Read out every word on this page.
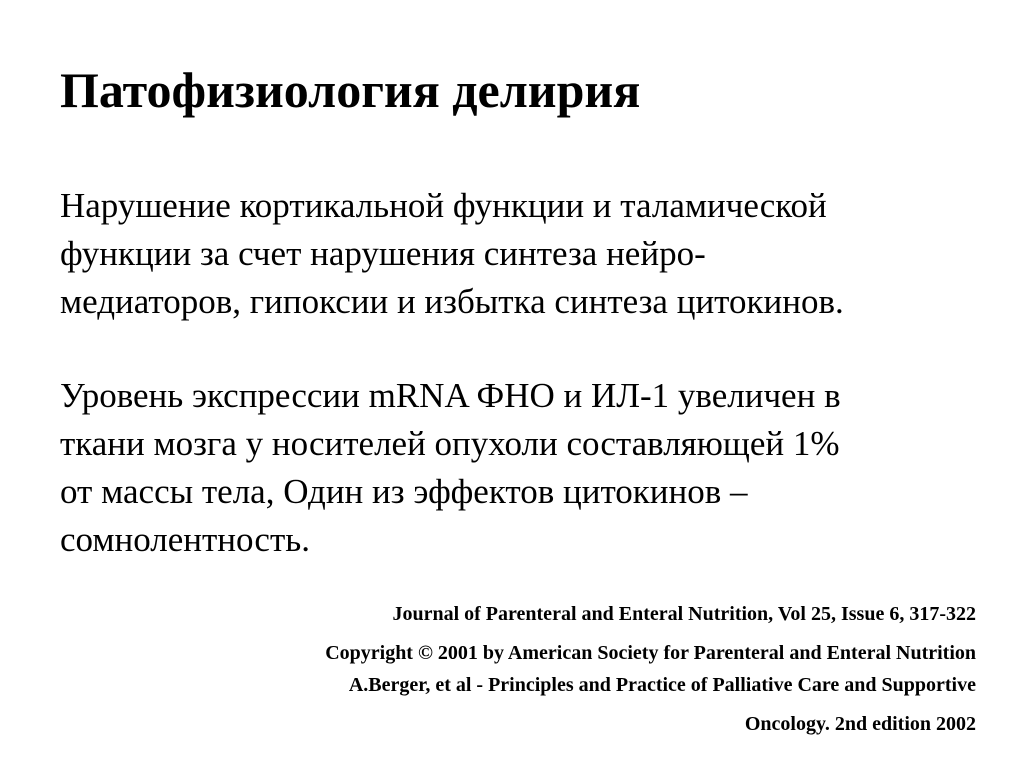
Патофизиология делирия

Нарушение кортикальной функции и таламической

функции за счет нарушения синтеза нейро-

медиаторов, гипоксии и избытка синтеза цитокинов.

Уровень экспрессии mRNA ФНО и ИЛ-1 увеличен в

ткани мозга у носителей опухоли составляющей 1%

от массы тела, Один из эффектов цитокинов –

сомнолентность.

Journal of Parenteral and Enteral Nutrition, Vol 25, Issue 6, 317-322

Copyright © 2001 by American Society for Parenteral and Enteral Nutrition

A.Berger, et al - Principles and Practice of Palliative Care and Supportive

Oncology. 2nd edition 2002
